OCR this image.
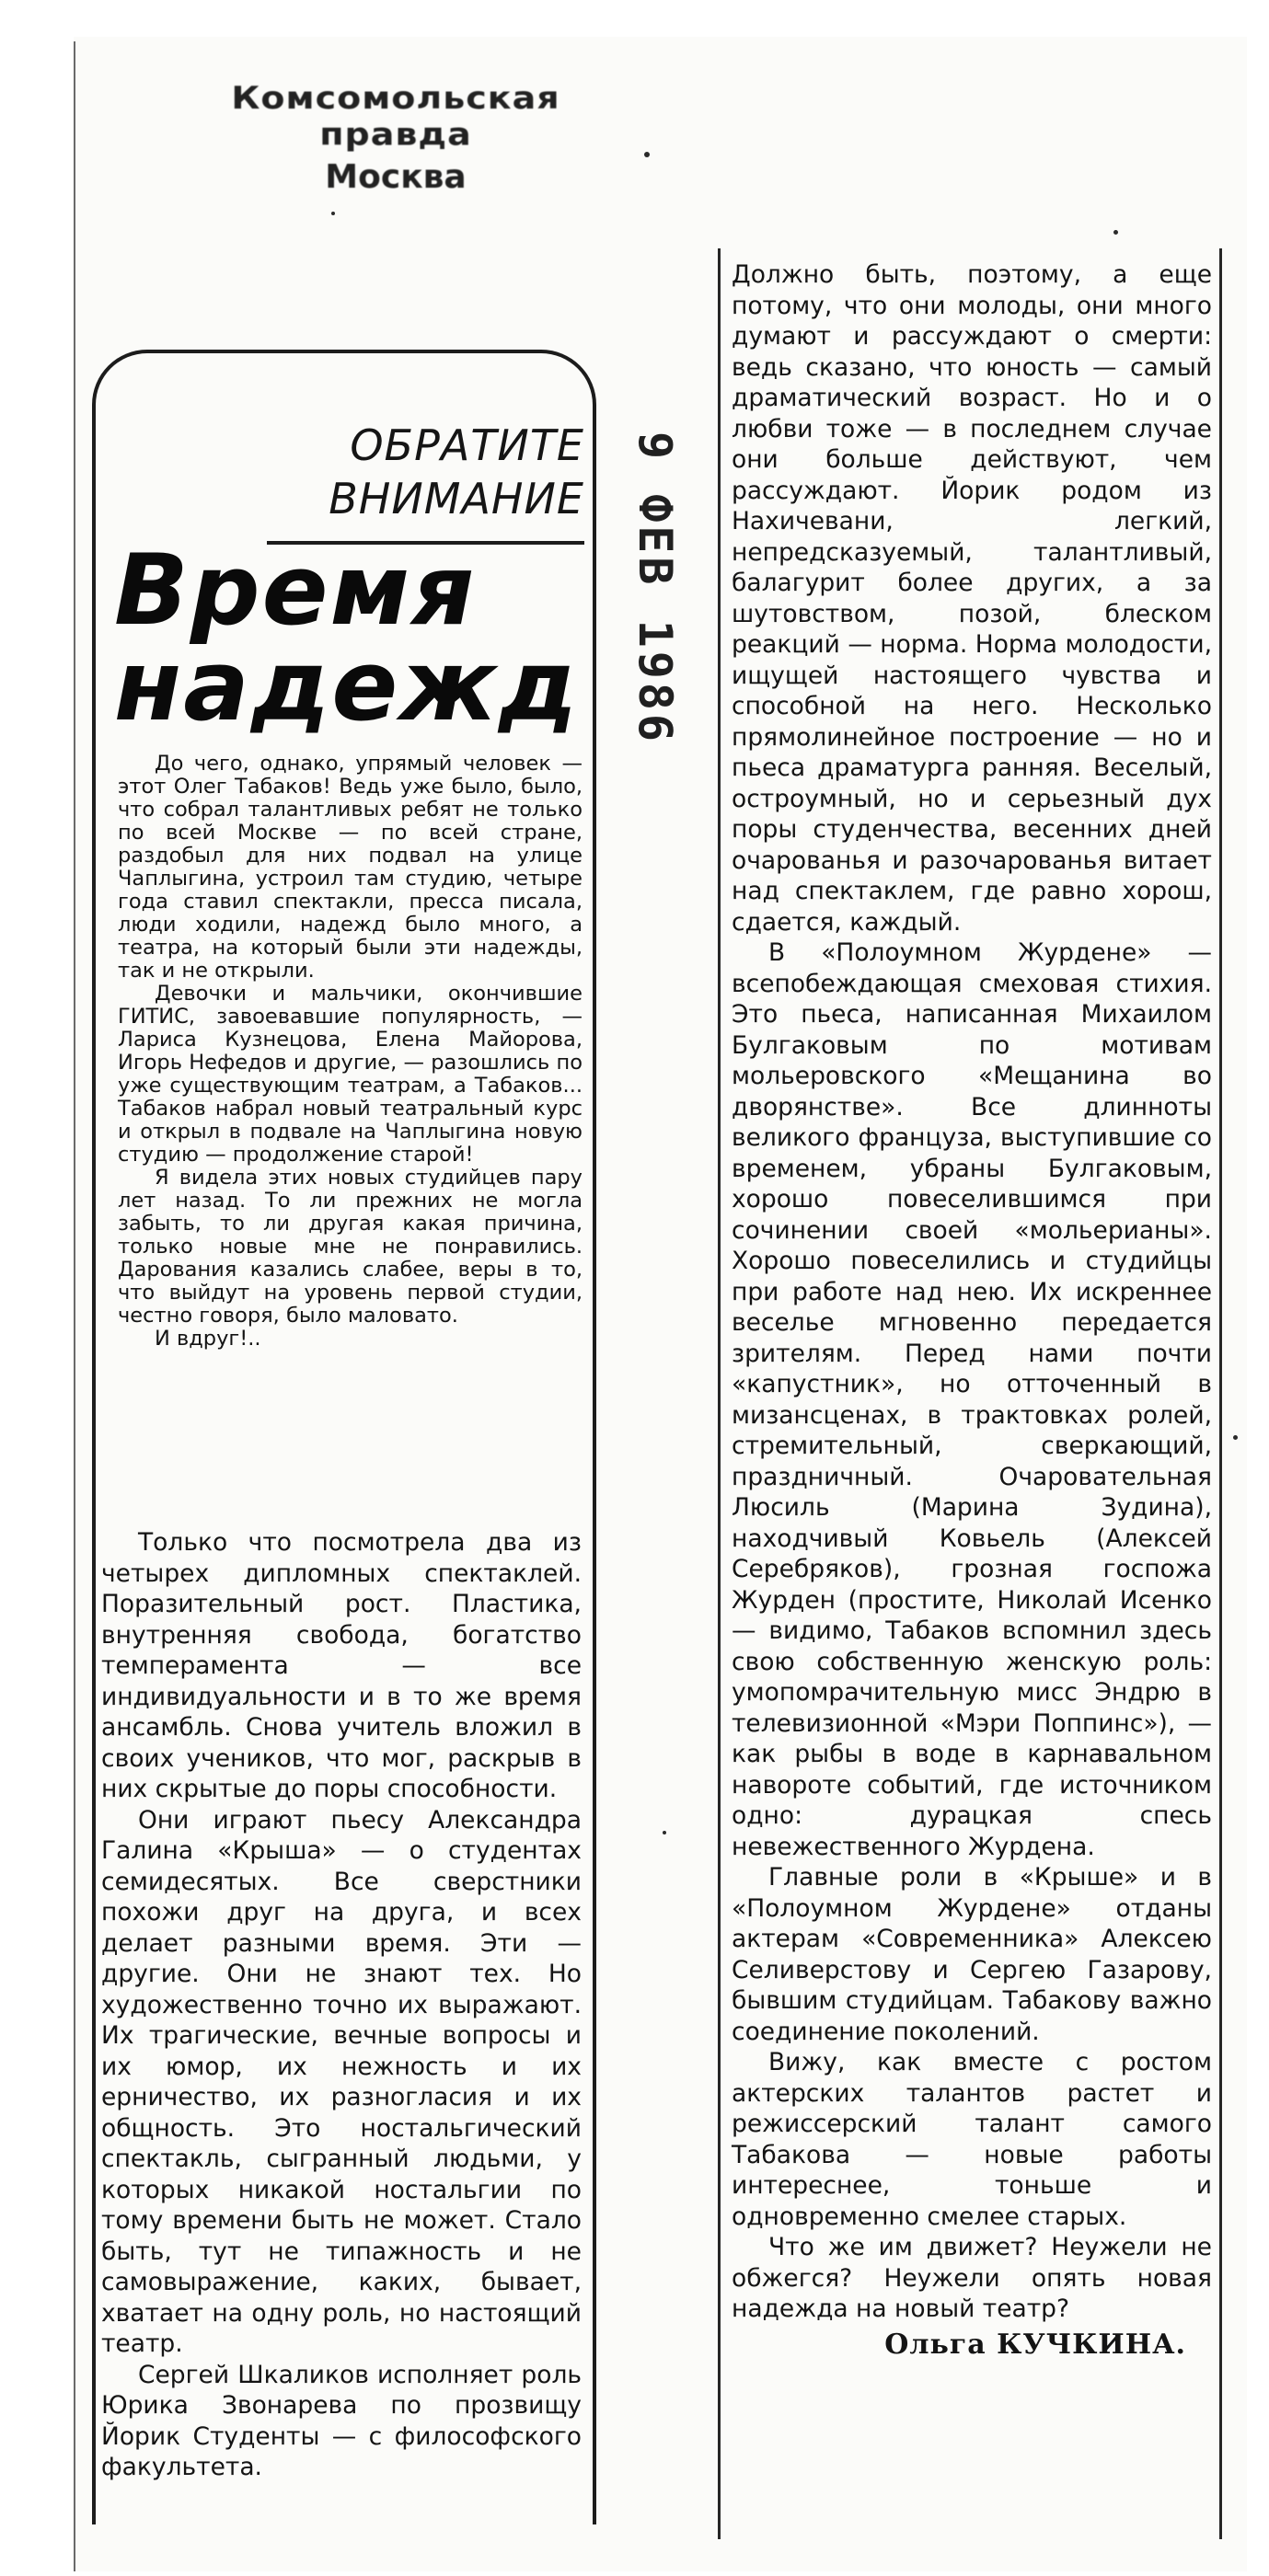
Комсомольская правда
Москва
9 ФЕВ 1986
ОБРАТИТЕ
ВНИМАНИЕ
Время
надежд

До чего, однако, упрямый человек — этот Олег Табаков! Ведь уже было, было, что собрал талантливых ребят не только по всей Москве — по всей стране, раздобыл для них подвал на улице Чаплыгина, устроил там студию, четыре года ставил спектакли, пресса писала, люди ходили, надежд было много, а театра, на который были эти надежды, так и не открыли.

Девочки и мальчики, окончившие ГИТИС, завоевавшие популярность, — Лариса Кузнецова, Елена Майорова, Игорь Нефедов и другие, — разошлись по уже существующим театрам, а Табаков... Табаков набрал новый театральный курс и открыл в подвале на Чаплыгина новую студию — продолжение старой!

Я видела этих новых студийцев пару лет назад. То ли прежних не могла забыть, то ли другая какая причина, только новые мне не понравились. Дарования казались слабее, веры в то, что выйдут на уровень первой студии, честно говоря, было маловато.

И вдруг!..

Только что посмотрела два из четырех дипломных спектаклей. Поразительный рост. Пластика, внутренняя свобода, богатство темперамента — все индивидуальности и в то же время ансамбль. Снова учитель вложил в своих учеников, что мог, раскрыв в них скрытые до поры способности.

Они играют пьесу Александра Галина «Крыша» — о студентах семидесятых. Все сверстники похожи друг на друга, и всех делает разными время. Эти — другие. Они не знают тех. Но художественно точно их выражают. Их трагические, вечные вопросы и их юмор, их нежность и их ерничество, их разногласия и их общность. Это ностальгический спектакль, сыгранный людьми, у которых никакой ностальгии по тому времени быть не может. Стало быть, тут не типажность и не самовыражение, каких, бывает, хватает на одну роль, но настоящий театр.

Сергей Шкаликов исполняет роль Юрика Звонарева по прозвищу Йорик Студенты — с философского факультета.

Должно быть, поэтому, а еще потому, что они молоды, они много думают и рассуждают о смерти: ведь сказано, что юность — самый драматический возраст. Но и о любви тоже — в последнем случае они больше действуют, чем рассуждают. Йорик родом из Нахичевани, легкий, непредсказуемый, талантливый, балагурит более других, а за шутовством, позой, блеском реакций — норма. Норма молодости, ищущей настоящего чувства и способной на него. Несколько прямолинейное построение — но и пьеса драматурга ранняя. Веселый, остроумный, но и серьезный дух поры студенчества, весенних дней очарованья и разочарованья витает над спектаклем, где равно хорош, сдается, каждый.

В «Полоумном Журдене» — всепобеждающая смеховая стихия. Это пьеса, написанная Михаилом Булгаковым по мотивам мольеровского «Мещанина во дворянстве». Все длинноты великого француза, выступившие со временем, убраны Булгаковым, хорошо повеселившимся при сочинении своей «мольерианы». Хорошо повеселились и студийцы при работе над нею. Их искреннее веселье мгновенно передается зрителям. Перед нами почти «капустник», но отточенный в мизансценах, в трактовках ролей, стремительный, сверкающий, праздничный. Очаровательная Люсиль (Марина Зудина), находчивый Ковьель (Алексей Серебряков), грозная госпожа Журден (простите, Николай Исенко — видимо, Табаков вспомнил здесь свою собственную женскую роль: умопомрачительную мисс Эндрю в телевизионной «Мэри Поппинс»), — как рыбы в воде в карнавальном навороте событий, где источником одно: дурацкая спесь невежественного Журдена.

Главные роли в «Крыше» и в «Полоумном Журдене» отданы актерам «Современника» Алексею Селиверстову и Сергею Газарову, бывшим студийцам. Табакову важно соединение поколений.

Вижу, как вместе с ростом актерских талантов растет и режиссерский талант самого Табакова — новые работы интереснее, тоньше и одновременно смелее старых.

Что же им движет? Неужели не обжегся? Неужели опять новая надежда на новый театр?

Ольга КУЧКИНА.
